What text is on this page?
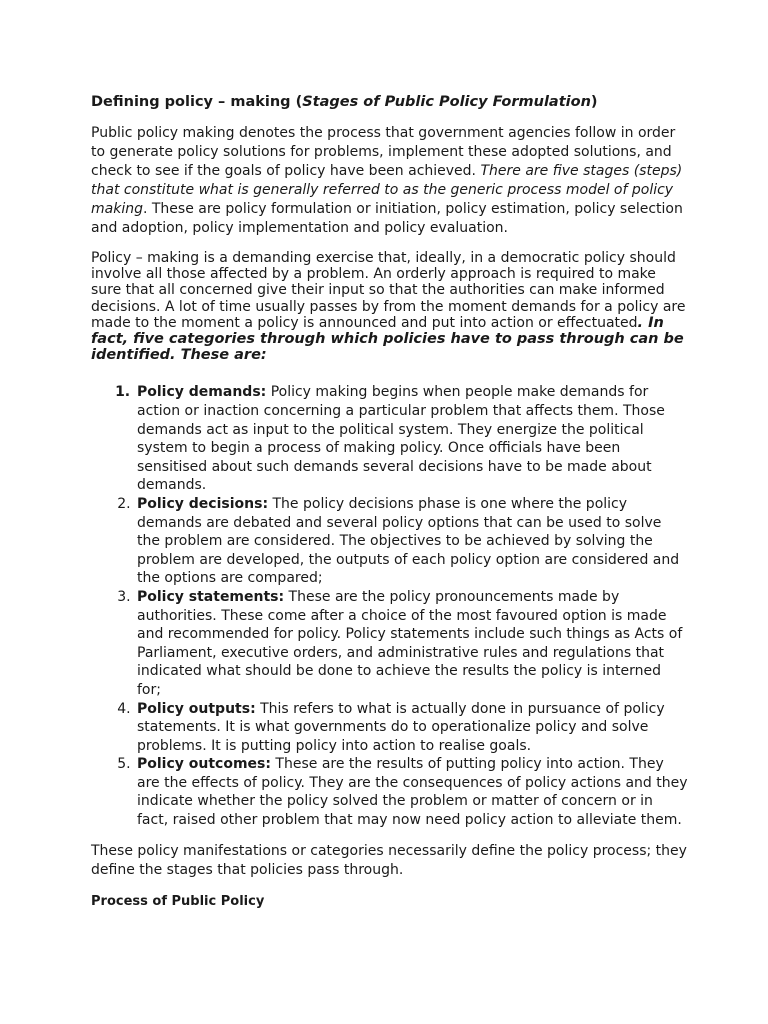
Defining policy – making (Stages of Public Policy Formulation)

Public policy making denotes the process that government agencies follow in order to generate policy solutions for problems, implement these adopted solutions, and check to see if the goals of policy have been achieved. There are five stages (steps) that constitute what is generally referred to as the generic process model of policy making. These are policy formulation or initiation, policy estimation, policy selection and adoption, policy implementation and policy evaluation.

Policy – making is a demanding exercise that, ideally, in a democratic policy should involve all those affected by a problem. An orderly approach is required to make sure that all concerned give their input so that the authorities can make informed decisions. A lot of time usually passes by from the moment demands for a policy are made to the moment a policy is announced and put into action or effectuated. In fact, five categories through which policies have to pass through can be identified. These are:

1. Policy demands: Policy making begins when people make demands for action or inaction concerning a particular problem that affects them. Those demands act as input to the political system. They energize the political system to begin a process of making policy. Once officials have been sensitised about such demands several decisions have to be made about demands.
2. Policy decisions: The policy decisions phase is one where the policy demands are debated and several policy options that can be used to solve the problem are considered. The objectives to be achieved by solving the problem are developed, the outputs of each policy option are considered and the options are compared;
3. Policy statements: These are the policy pronouncements made by authorities. These come after a choice of the most favoured option is made and recommended for policy. Policy statements include such things as Acts of Parliament, executive orders, and administrative rules and regulations that indicated what should be done to achieve the results the policy is interned for;
4. Policy outputs: This refers to what is actually done in pursuance of policy statements. It is what governments do to operationalize policy and solve problems. It is putting policy into action to realise goals.
5. Policy outcomes: These are the results of putting policy into action. They are the effects of policy. They are the consequences of policy actions and they indicate whether the policy solved the problem or matter of concern or in fact, raised other problem that may now need policy action to alleviate them.

These policy manifestations or categories necessarily define the policy process; they define the stages that policies pass through.

Process of Public Policy
